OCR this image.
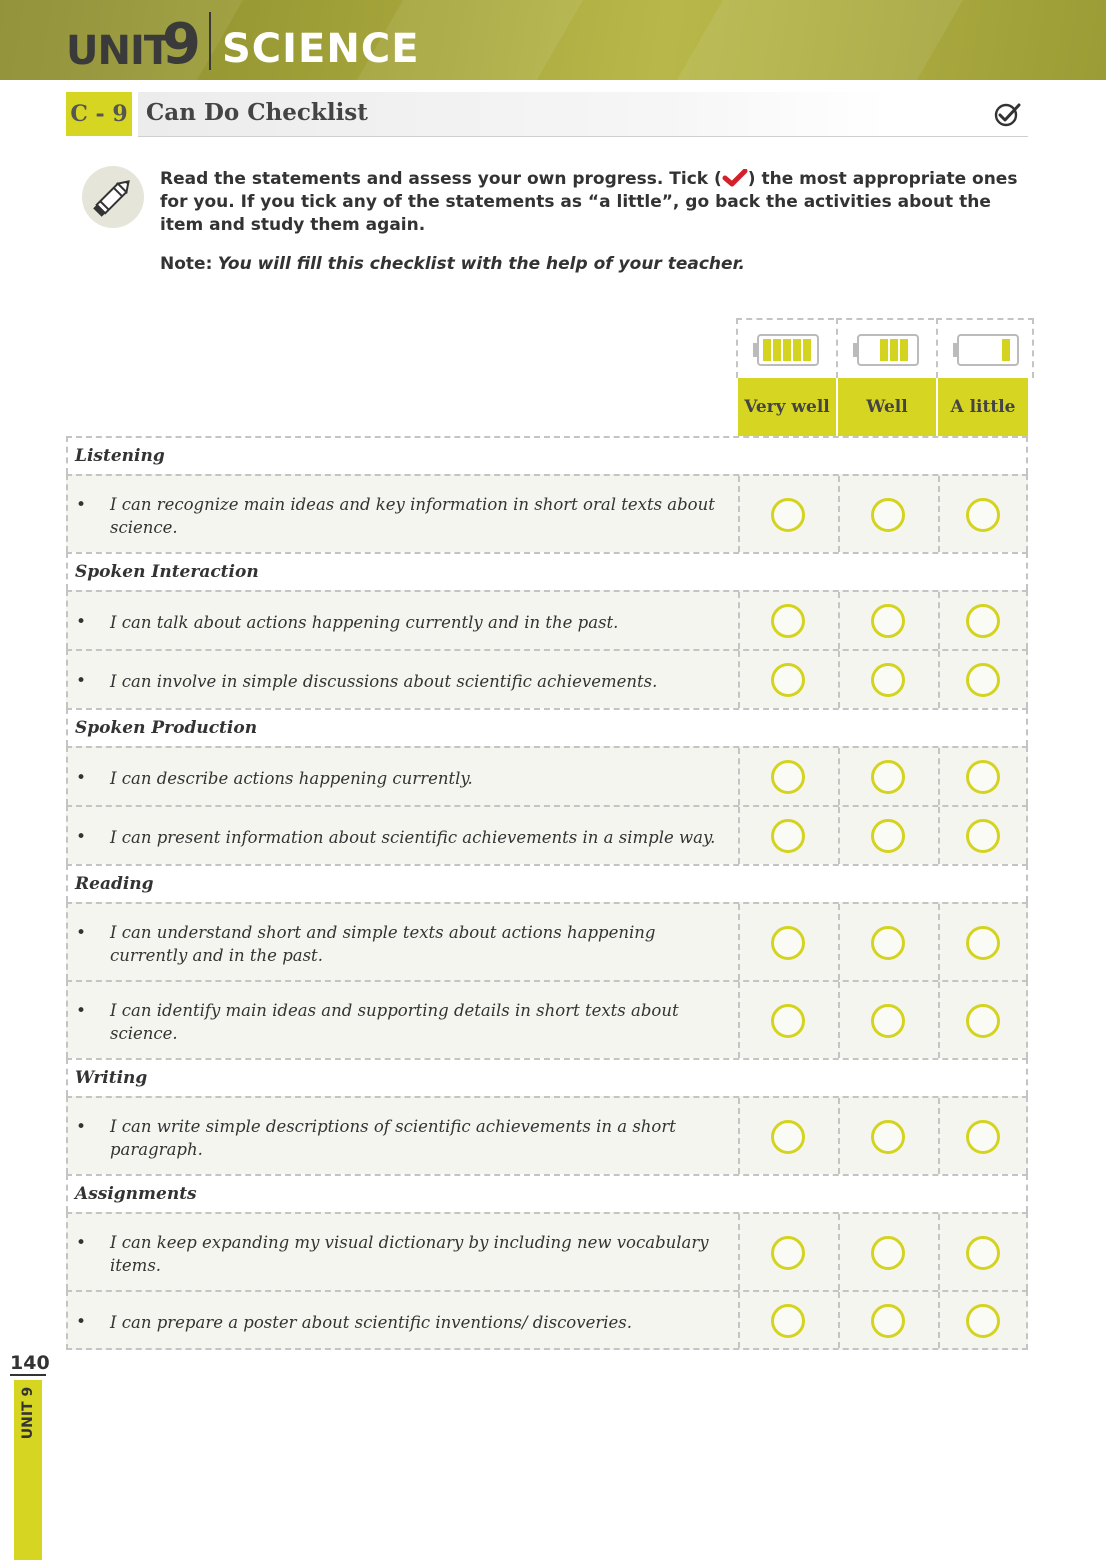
UNIT
9 SCIENCE
C - 9 Can Do Checklist
Read the statements and assess your own progress. Tick ( ) the most appropriate ones for you. If you tick any of the statements as “a little”, go back the activities about the item and study them again.
Note: You will fill this checklist with the help of your teacher.
Very well	Well	A little
Listening
• I can recognize main ideas and key information in short oral texts about science.
Spoken Interaction
• I can talk about actions happening currently and in the past.
• I can involve in simple discussions about scientific achievements.
Spoken Production
• I can describe actions happening currently.
• I can present information about scientific achievements in a simple way.
Reading
• I can understand short and simple texts about actions happening currently and in the past.
• I can identify main ideas and supporting details in short texts about science.
Writing
• I can write simple descriptions of scientific achievements in a short paragraph.
Assignments
• I can keep expanding my visual dictionary by including new vocabulary items.
• I can prepare a poster about scientific inventions/ discoveries.
140
UNIT 9
